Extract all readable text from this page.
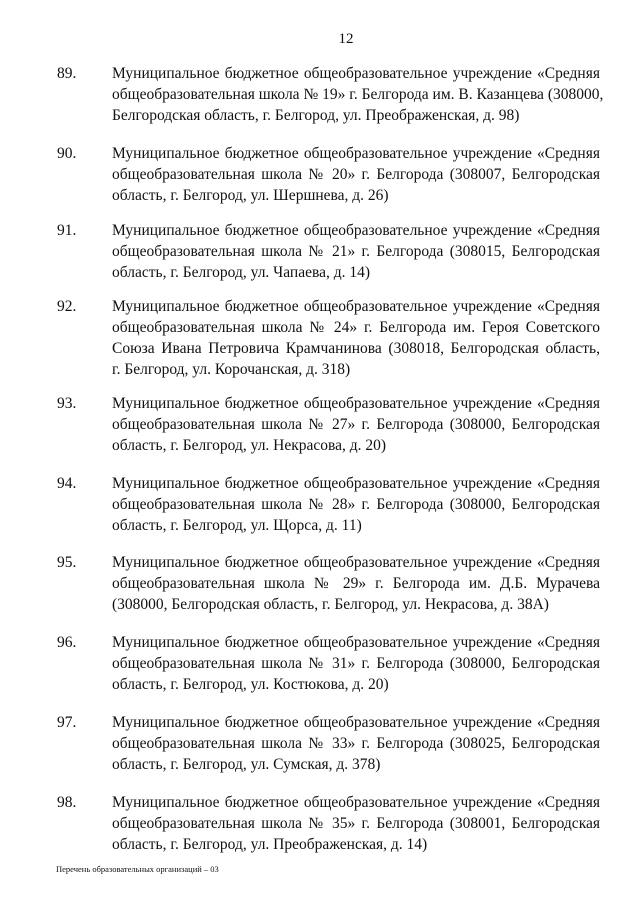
12
89. Муниципальное бюджетное общеобразовательное учреждение «Средняя
общеобразовательная школа № 19» г. Белгорода им. В. Казанцева (308000,
Белгородская область, г. Белгород, ул. Преображенская, д. 98)
90. Муниципальное бюджетное общеобразовательное учреждение «Средняя
общеобразовательная школа № 20» г. Белгорода (308007, Белгородская
область, г. Белгород, ул. Шершнева, д. 26)
91. Муниципальное бюджетное общеобразовательное учреждение «Средняя
общеобразовательная школа № 21» г. Белгорода (308015, Белгородская
область, г. Белгород, ул. Чапаева, д. 14)
92. Муниципальное бюджетное общеобразовательное учреждение «Средняя
общеобразовательная школа № 24» г. Белгорода им. Героя Советского
Союза Ивана Петровича Крамчанинова (308018, Белгородская область,
г. Белгород, ул. Корочанская, д. 318)
93. Муниципальное бюджетное общеобразовательное учреждение «Средняя
общеобразовательная школа № 27» г. Белгорода (308000, Белгородская
область, г. Белгород, ул. Некрасова, д. 20)
94. Муниципальное бюджетное общеобразовательное учреждение «Средняя
общеобразовательная школа № 28» г. Белгорода (308000, Белгородская
область, г. Белгород, ул. Щорса, д. 11)
95. Муниципальное бюджетное общеобразовательное учреждение «Средняя
общеобразовательная школа № 29» г. Белгорода им. Д.Б. Мурачева
(308000, Белгородская область, г. Белгород, ул. Некрасова, д. 38А)
96. Муниципальное бюджетное общеобразовательное учреждение «Средняя
общеобразовательная школа № 31» г. Белгорода (308000, Белгородская
область, г. Белгород, ул. Костюкова, д. 20)
97. Муниципальное бюджетное общеобразовательное учреждение «Средняя
общеобразовательная школа № 33» г. Белгорода (308025, Белгородская
область, г. Белгород, ул. Сумская, д. 378)
98. Муниципальное бюджетное общеобразовательное учреждение «Средняя
общеобразовательная школа № 35» г. Белгорода (308001, Белгородская
область, г. Белгород, ул. Преображенская, д. 14)
Перечень образовательных организаций – 03
